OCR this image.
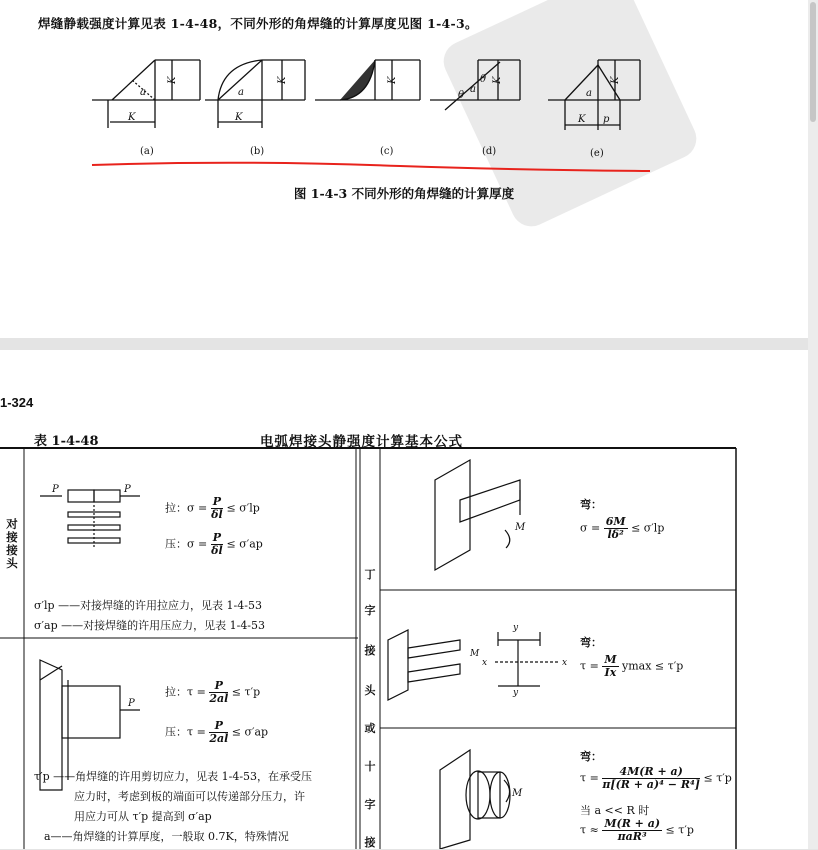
焊缝静载强度计算见表 1-4-48，不同外形的角焊缝的计算厚度见图 1-4-3。
K
a
K
K
a
K	K
θ
a
θ K
K p
a
K
(a)	(b)	(c)	(d)	(e)
图 1-4-3 不同外形的角焊缝的计算厚度
1-324
表 1-4-48	电弧焊接头静强度计算基本公式
P	P
P
M
x	x
M
y
y
M
对接接头
拉：$\sigma = \frac{P}{\delta l} \le \sigma'lp$
压：$\sigma = \frac{P}{\delta l} \le \sigma'ap$
σ′lp ——对接焊缝的许用拉应力，见表 1-4-53
σ′ap ——对接焊缝的许用压应力，见表 1-4-53
拉：$\tau = \frac{P}{2al} \le \tau'p$
压：$\tau = \frac{P}{2al} \le \sigma'ap$
τ′p ——角焊缝的许用剪切应力，见表 1-4-53，在承受压
应力时，考虑到板的端面可以传递部分压力，许
用应力可从 τ′p 提高到 σ′ap
a——角焊缝的计算厚度，一般取 0.7K，特殊情况
丁
字
接
头
或
十
字
接
弯：
$\sigma = \frac{6M}{\text{lδ²}} \le \sigma'lp$
弯：
$\tau = \frac{M}{Ix}$ ymax ≤ τ′p
弯：
$\tau = \frac{4M(R + a)}{\text{π[(R + a)⁴ − R⁴]}} \le \tau'p$
当 a << R 时
$\tau \approx \frac{M(R + a)}{\text{πaR³}} \le \tau'p$
